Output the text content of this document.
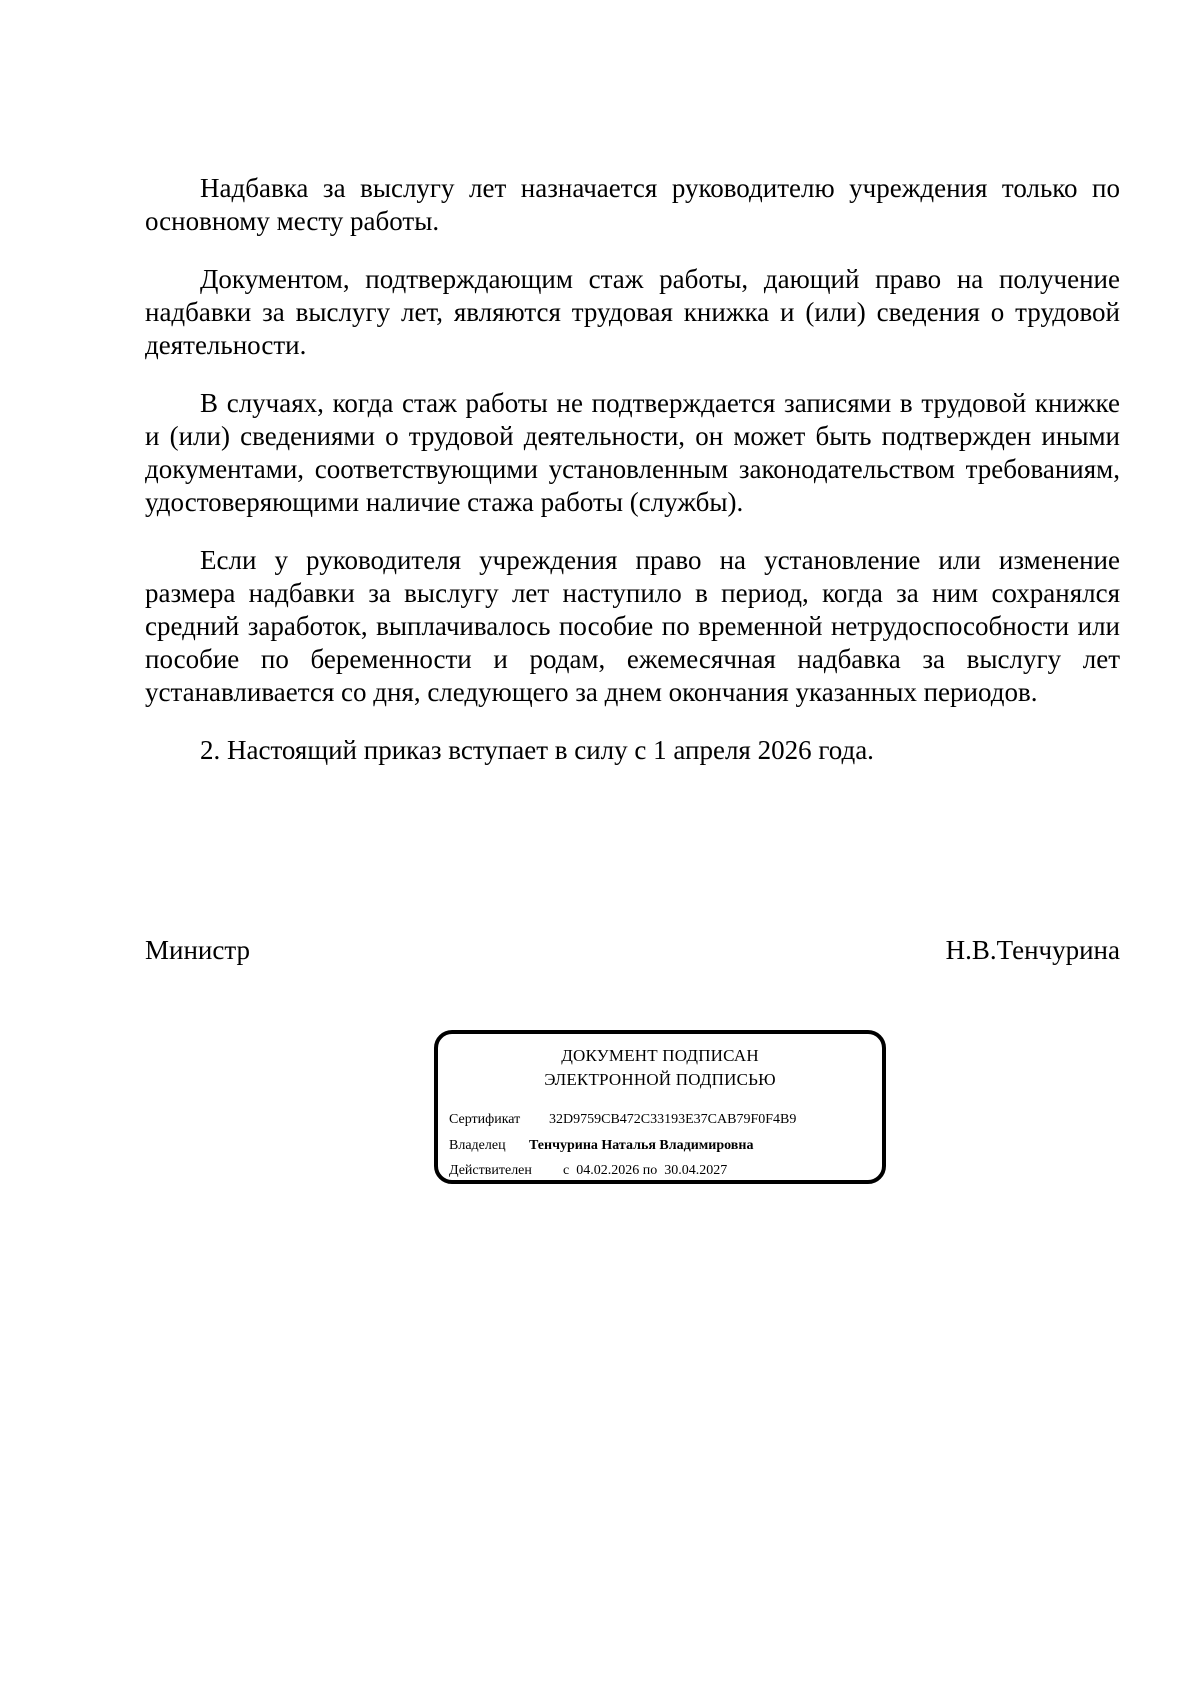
Надбавка за выслугу лет назначается руководителю учреждения только по основному месту работы.

Документом, подтверждающим стаж работы, дающий право на получение надбавки за выслугу лет, являются трудовая книжка и (или) сведения о трудовой деятельности.

В случаях, когда стаж работы не подтверждается записями в трудовой книжке и (или) сведениями о трудовой деятельности, он может быть подтвержден иными документами, соответствующими установленным законодательством требованиям, удостоверяющими наличие стажа работы (службы).

Если у руководителя учреждения право на установление или изменение размера надбавки за выслугу лет наступило в период, когда за ним сохранялся средний заработок, выплачивалось пособие по временной нетрудоспособности или пособие по беременности и родам, ежемесячная надбавка за выслугу лет устанавливается со дня, следующего за днем окончания указанных периодов.

2. Настоящий приказ вступает в силу с 1 апреля 2026 года.

Министр	Н.В.Тенчурина
ДОКУМЕНТ ПОДПИСАН
ЭЛЕКТРОННОЙ ПОДПИСЬЮ
Сертификат 32D9759CB472C33193E37CAB79F0F4B9
Владелец Тенчурина Наталья Владимировна
Действителен с  04.02.2026 по  30.04.2027
